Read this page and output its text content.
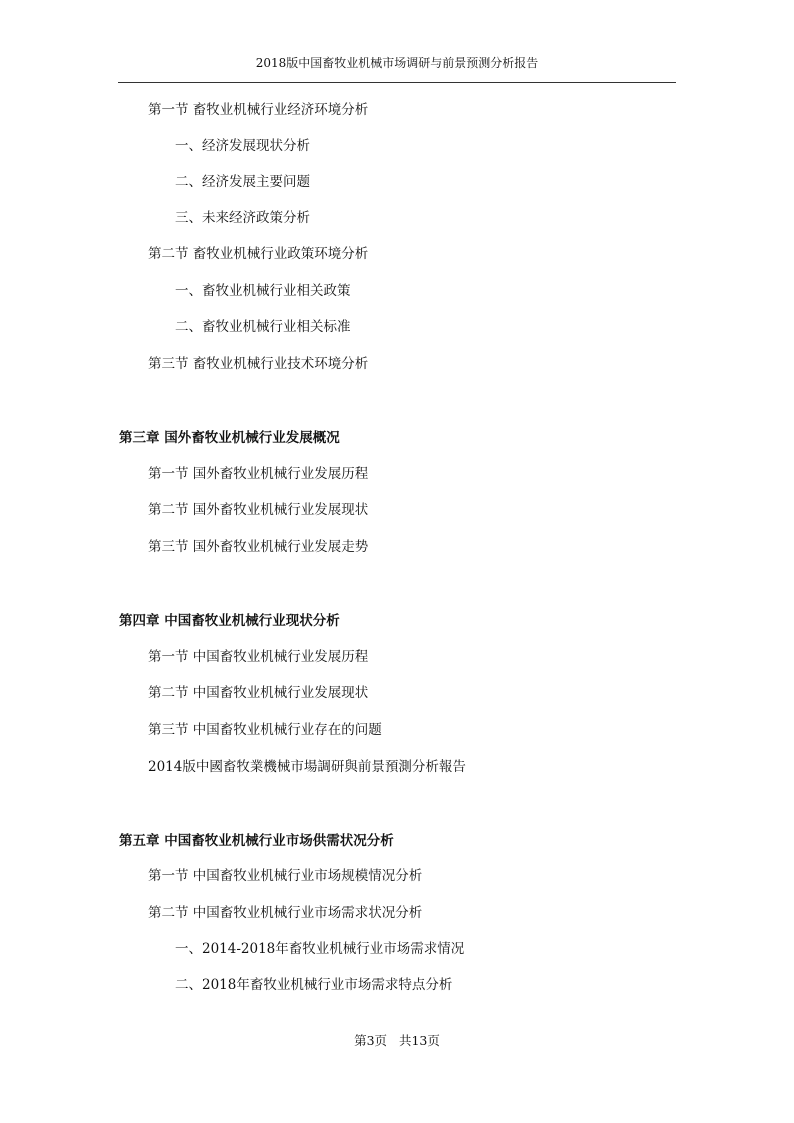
2018版中国畜牧业机械市场调研与前景预测分析报告
第一节 畜牧业机械行业经济环境分析
一、经济发展现状分析
二、经济发展主要问题
三、未来经济政策分析
第二节 畜牧业机械行业政策环境分析
一、畜牧业机械行业相关政策
二、畜牧业机械行业相关标准
第三节 畜牧业机械行业技术环境分析
第三章 国外畜牧业机械行业发展概况
第一节 国外畜牧业机械行业发展历程
第二节 国外畜牧业机械行业发展现状
第三节 国外畜牧业机械行业发展走势
第四章 中国畜牧业机械行业现状分析
第一节 中国畜牧业机械行业发展历程
第二节 中国畜牧业机械行业发展现状
第三节 中国畜牧业机械行业存在的问题
2014版中國畜牧業機械市場調研與前景預測分析報告
第五章 中国畜牧业机械行业市场供需状况分析
第一节 中国畜牧业机械行业市场规模情况分析
第二节 中国畜牧业机械行业市场需求状况分析
一、2014-2018年畜牧业机械行业市场需求情况
二、2018年畜牧业机械行业市场需求特点分析
第3页 共13页
